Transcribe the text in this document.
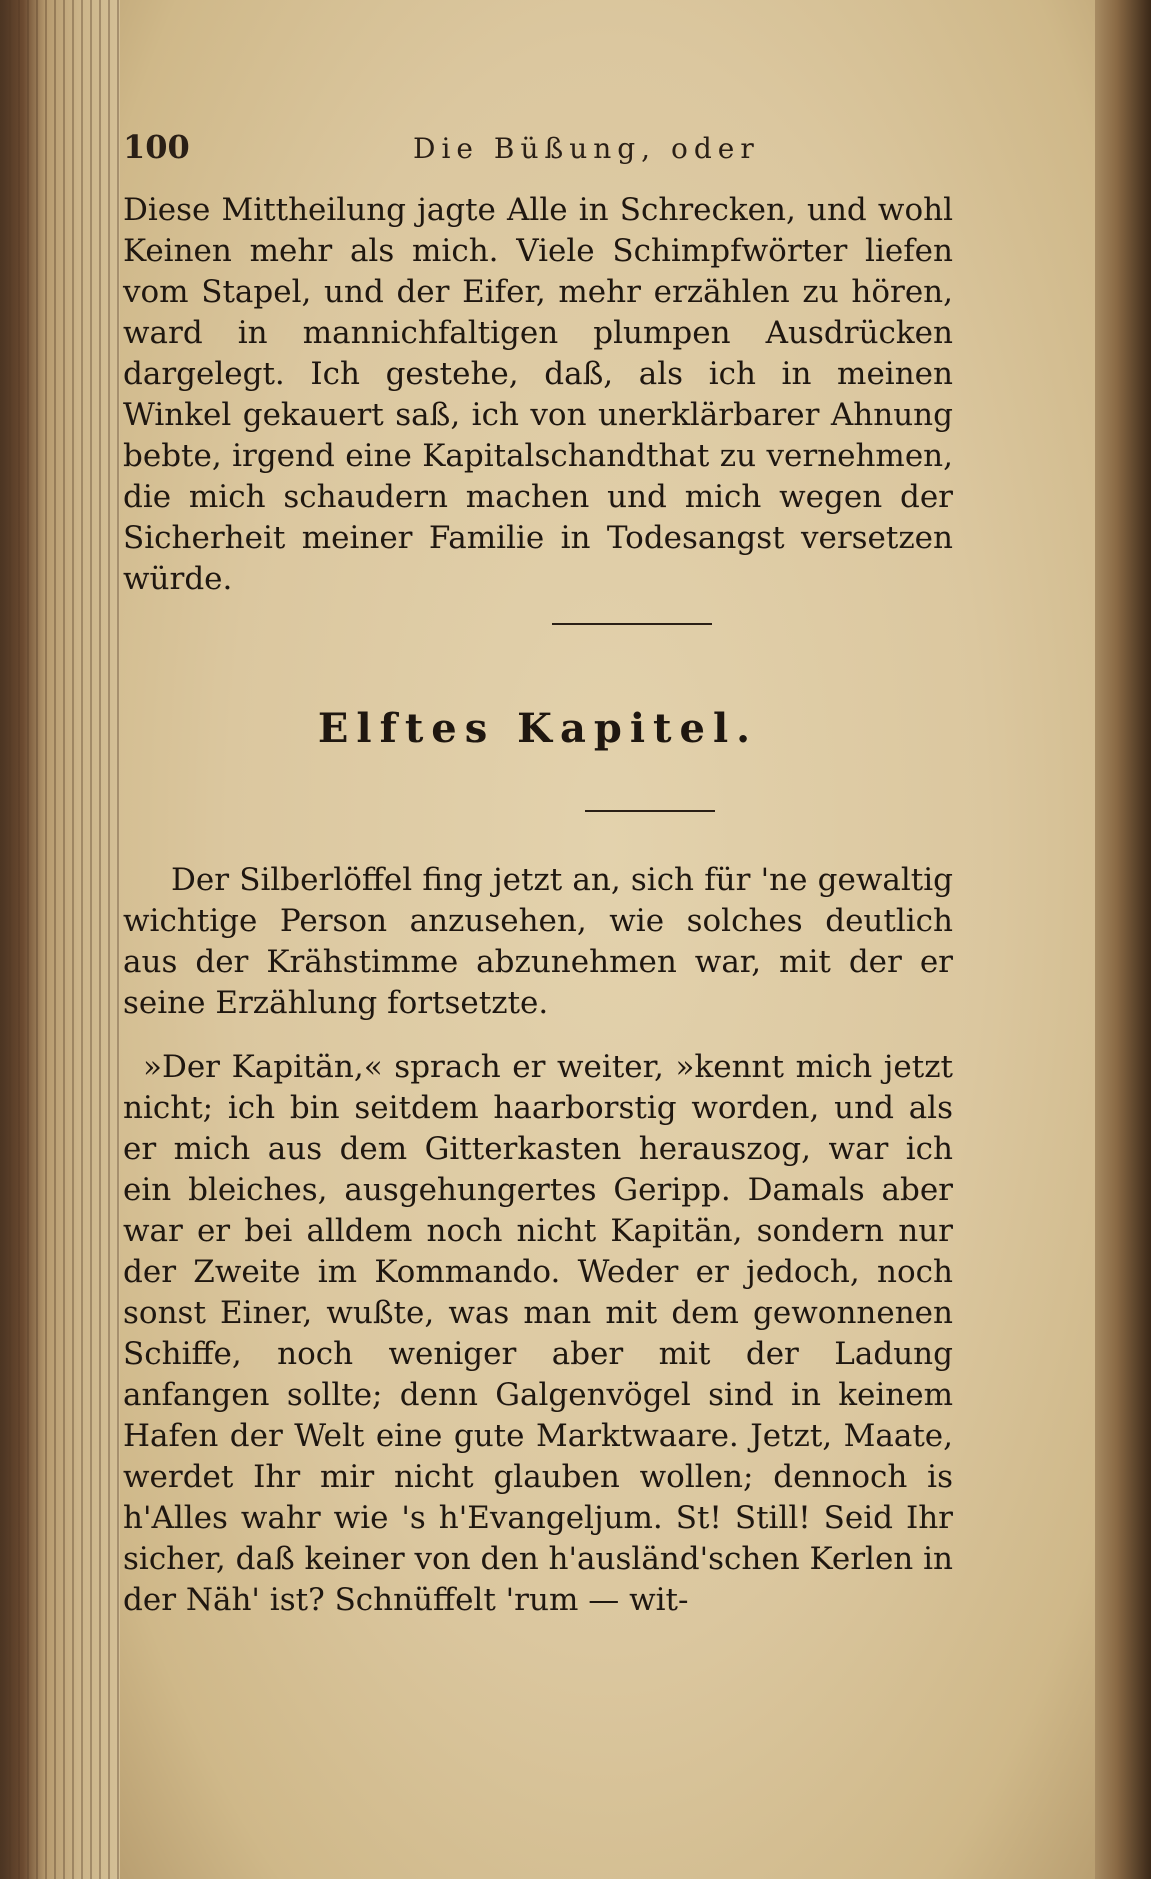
100	Die Büßung, oder

Diese Mittheilung jagte Alle in Schrecken, und wohl Keinen mehr als mich. Viele Schimpfwörter liefen vom Stapel, und der Eifer, mehr erzählen zu hören, ward in mannichfaltigen plumpen Ausdrücken dargelegt. Ich gestehe, daß, als ich in meinen Winkel gekauert saß, ich von unerklärbarer Ahnung bebte, irgend eine Kapitalschandthat zu vernehmen, die mich schaudern machen und mich wegen der Sicherheit meiner Familie in Todesangst versetzen würde.

Elftes Kapitel.

Der Silberlöffel fing jetzt an, sich für 'ne gewaltig wichtige Person anzusehen, wie solches deutlich aus der Krähstimme abzunehmen war, mit der er seine Erzählung fortsetzte.

»Der Kapitän,« sprach er weiter, »kennt mich jetzt nicht; ich bin seitdem haarborstig worden, und als er mich aus dem Gitterkasten herauszog, war ich ein bleiches, ausgehungertes Geripp. Damals aber war er bei alldem noch nicht Kapitän, sondern nur der Zweite im Kommando. Weder er jedoch, noch sonst Einer, wußte, was man mit dem gewonnenen Schiffe, noch weniger aber mit der Ladung anfangen sollte; denn Galgenvögel sind in keinem Hafen der Welt eine gute Marktwaare. Jetzt, Maate, werdet Ihr mir nicht glauben wollen; dennoch is h'Alles wahr wie 's h'Evangeljum. St! Still! Seid Ihr sicher, daß keiner von den h'ausländ'schen Kerlen in der Näh' ist? Schnüffelt 'rum — wit-
